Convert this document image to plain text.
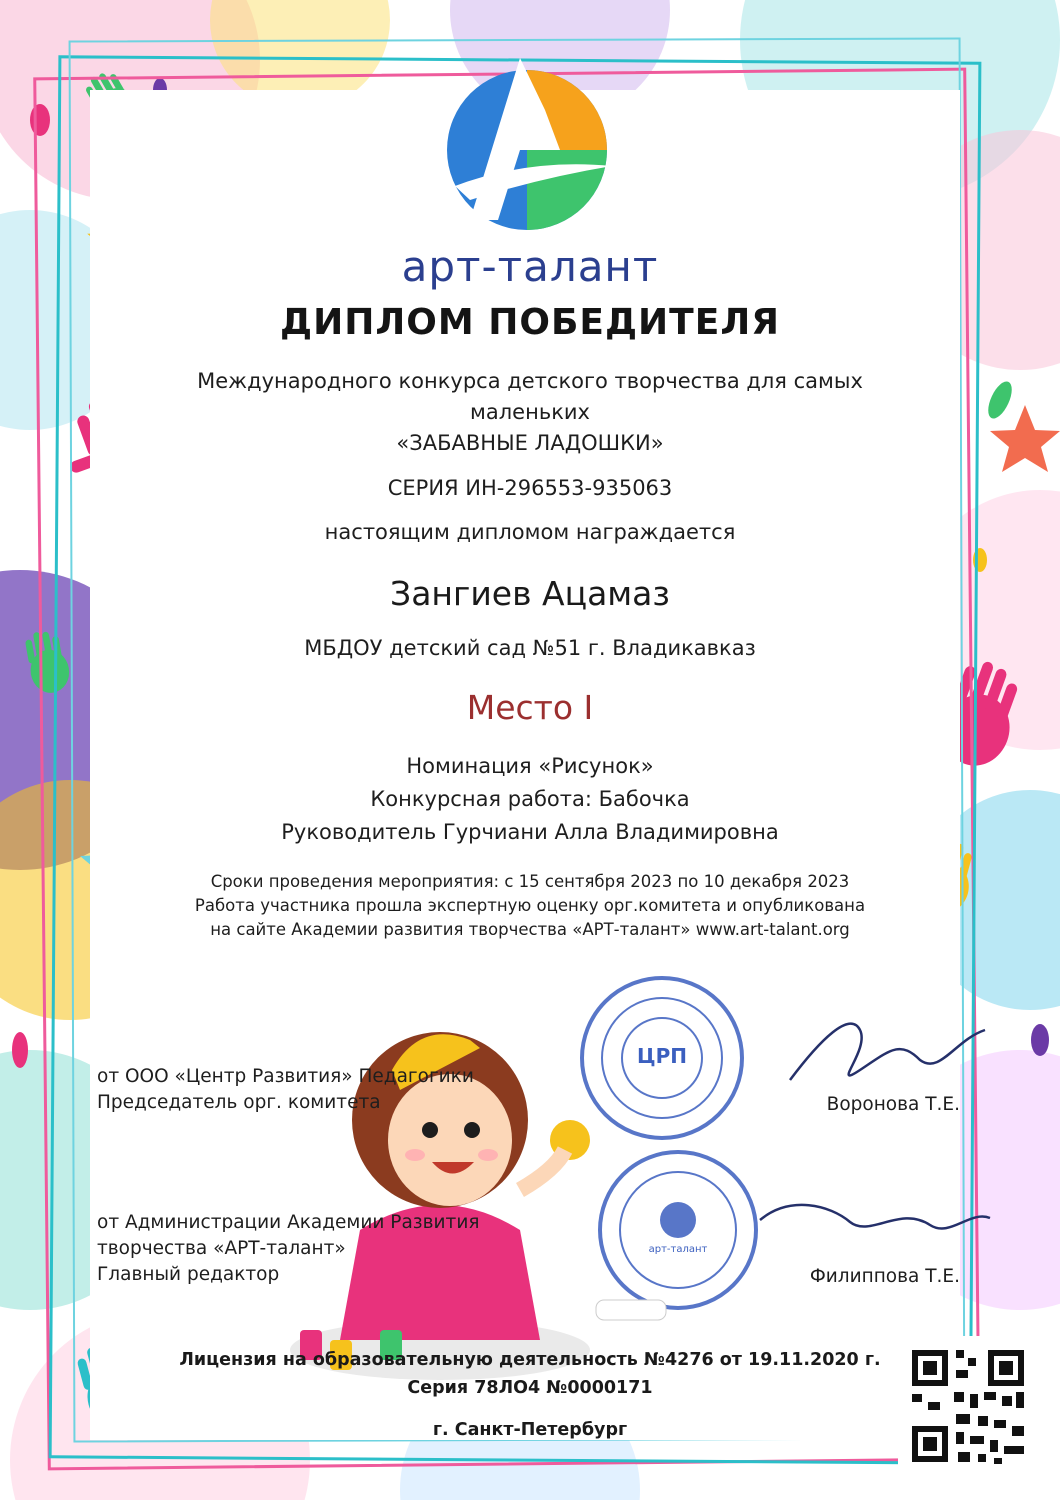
арт-талант
ДИПЛОМ ПОБЕДИТЕЛЯ
Международного конкурса детского творчества для самых
маленьких
«ЗАБАВНЫЕ ЛАДОШКИ»
СЕРИЯ ИН-296553-935063
настоящим дипломом награждается
Зангиев Ацамаз
МБДОУ детский сад №51 г. Владикавказ
Место I
Номинация «Рисунок»
Конкурсная работа: Бабочка
Руководитель Гурчиани Алла Владимировна
Сроки проведения мероприятия: с 15 сентября 2023 по 10 декабря 2023
Работа участника прошла экспертную оценку орг.комитета и опубликована
на сайте Академии развития творчества «АРТ-талант» www.art-talant.org
от ООО «Центр Развития» Педагогики
Председатель орг. комитета	Воронова Т.Е.
от Администрации Академии Развития
творчества «АРТ-талант»
Главный редактор	Филиппова Т.Е.
ЦРП
арт-талант
Лицензия на образовательную деятельность №4276 от 19.11.2020 г.
Серия 78ЛО4 №0000171
г. Санкт-Петербург
